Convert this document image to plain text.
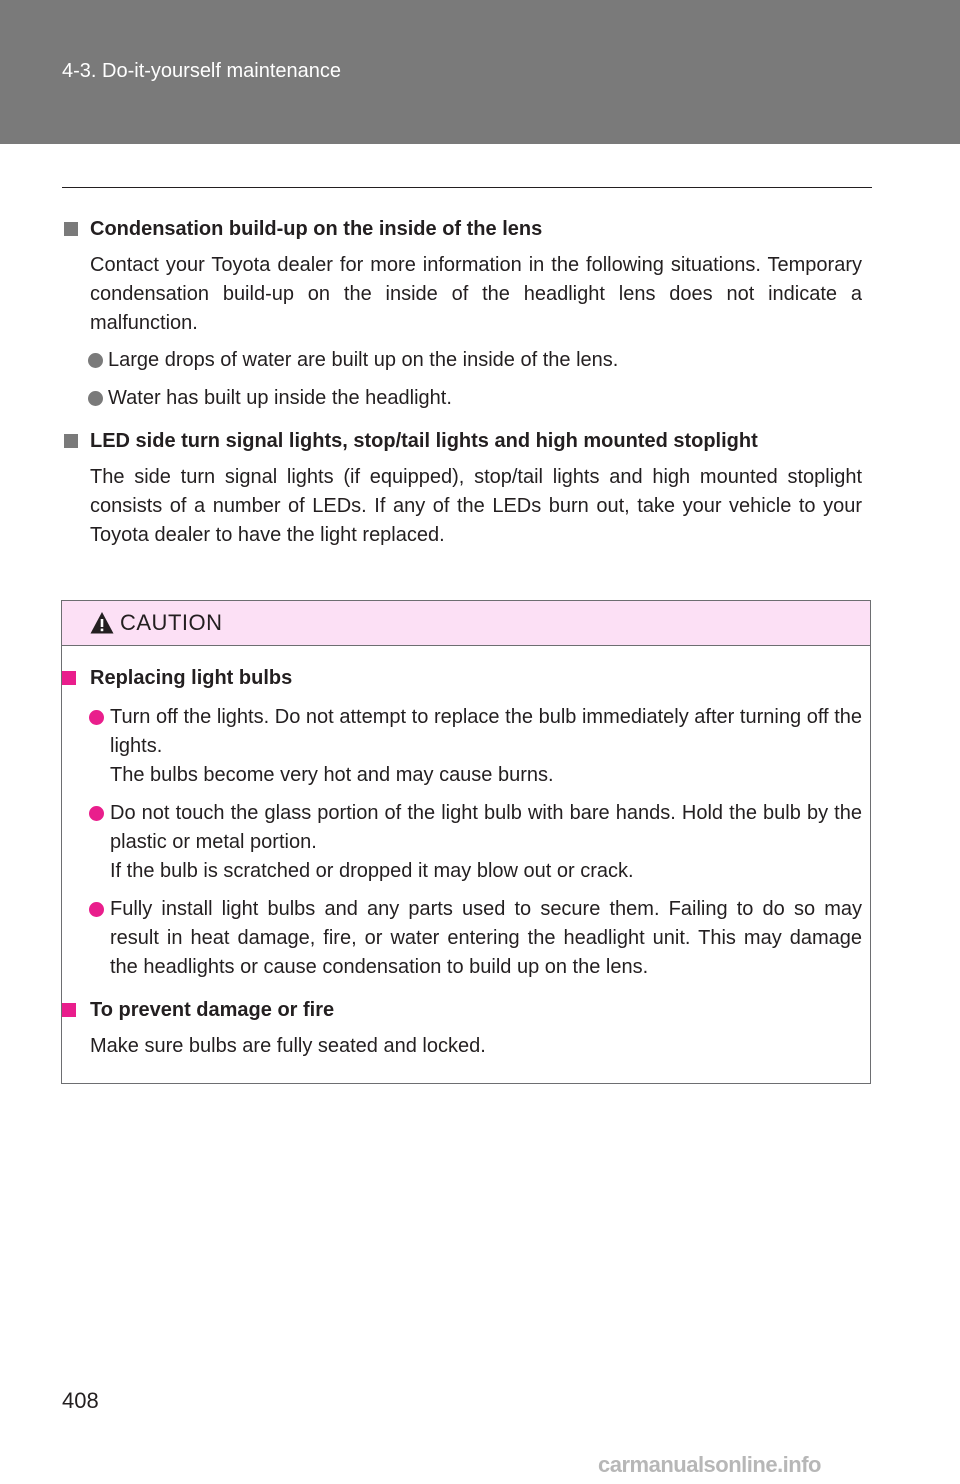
4-3. Do-it-yourself maintenance
Condensation build-up on the inside of the lens
Contact your Toyota dealer for more information in the following situations. Temporary condensation build-up on the inside of the headlight lens does not indicate a malfunction.
Large drops of water are built up on the inside of the lens.
Water has built up inside the headlight.
LED side turn signal lights, stop/tail lights and high mounted stoplight
The side turn signal lights (if equipped), stop/tail lights and high mounted stoplight consists of a number of LEDs. If any of the LEDs burn out, take your vehicle to your Toyota dealer to have the light replaced.
CAUTION
Replacing light bulbs
Turn off the lights. Do not attempt to replace the bulb immediately after turning off the lights.
The bulbs become very hot and may cause burns.
Do not touch the glass portion of the light bulb with bare hands. Hold the bulb by the plastic or metal portion.
If the bulb is scratched or dropped it may blow out or crack.
Fully install light bulbs and any parts used to secure them. Failing to do so may result in heat damage, fire, or water entering the headlight unit. This may damage the headlights or cause condensation to build up on the lens.
To prevent damage or fire
Make sure bulbs are fully seated and locked.
408
carmanualsonline.info
